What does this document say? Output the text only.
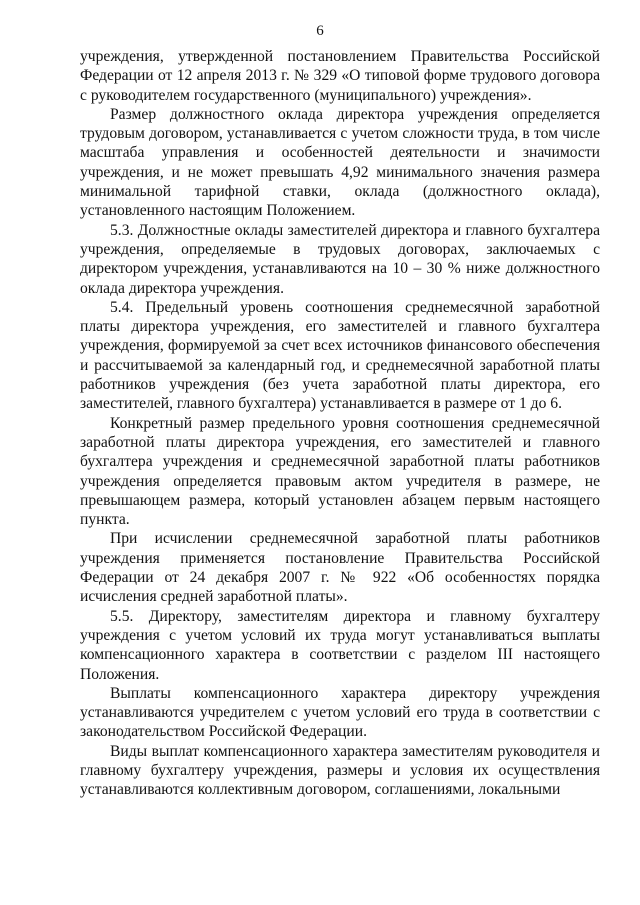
6

учреждения, утвержденной постановлением Правительства Российской Федерации от 12 апреля 2013 г. № 329 «О типовой форме трудового договора с руководителем государственного (муниципального) учреждения».

Размер должностного оклада директора учреждения определяется трудовым договором, устанавливается с учетом сложности труда, в том числе масштаба управления и особенностей деятельности и значимости учреждения, и не может превышать 4,92 минимального значения размера минимальной тарифной ставки, оклада (должностного оклада), установленного настоящим Положением.

5.3. Должностные оклады заместителей директора и главного бухгалтера учреждения, определяемые в трудовых договорах, заключаемых с директором учреждения, устанавливаются на 10 – 30 % ниже должностного оклада директора учреждения.

5.4. Предельный уровень соотношения среднемесячной заработной платы директора учреждения, его заместителей и главного бухгалтера учреждения, формируемой за счет всех источников финансового обеспечения и рассчитываемой за календарный год, и среднемесячной заработной платы работников учреждения (без учета заработной платы директора, его заместителей, главного бухгалтера) устанавливается в размере от 1 до 6.

Конкретный размер предельного уровня соотношения среднемесячной заработной платы директора учреждения, его заместителей и главного бухгалтера учреждения и среднемесячной заработной платы работников учреждения определяется правовым актом учредителя в размере, не превышающем размера, который установлен абзацем первым настоящего пункта.

При исчислении среднемесячной заработной платы работников учреждения применяется постановление Правительства Российской Федерации от 24 декабря 2007 г. № 922 «Об особенностях порядка исчисления средней заработной платы».

5.5. Директору, заместителям директора и главному бухгалтеру учреждения с учетом условий их труда могут устанавливаться выплаты компенсационного характера в соответствии с разделом III настоящего Положения.

Выплаты компенсационного характера директору учреждения устанавливаются учредителем с учетом условий его труда в соответствии с законодательством Российской Федерации.

Виды выплат компенсационного характера заместителям руководителя и главному бухгалтеру учреждения, размеры и условия их осуществления устанавливаются коллективным договором, соглашениями, локальными
